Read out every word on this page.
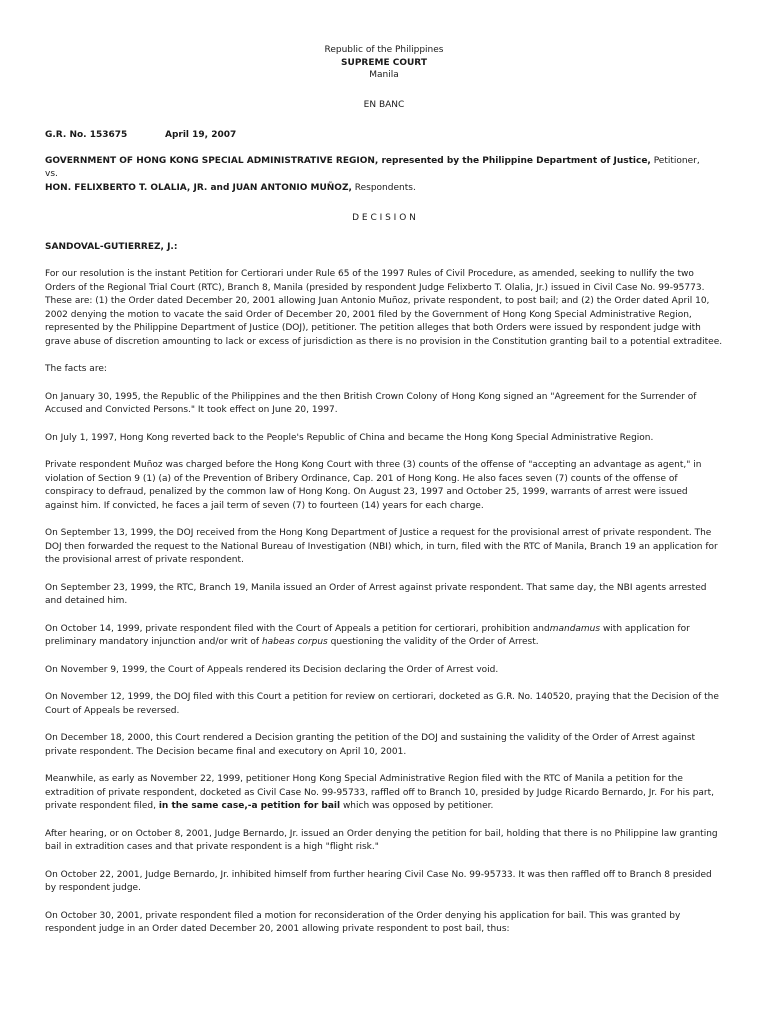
Republic of the Philippines
SUPREME COURT
Manila
EN BANC
G.R. No. 153675	April 19, 2007
GOVERNMENT OF HONG KONG SPECIAL ADMINISTRATIVE REGION, represented by the Philippine Department of Justice, Petitioner,
vs.
HON. FELIXBERTO T. OLALIA, JR. and JUAN ANTONIO MUÑOZ, Respondents.
D E C I S I O N
SANDOVAL-GUTIERREZ, J.:

For our resolution is the instant Petition for Certiorari under Rule 65 of the 1997 Rules of Civil Procedure, as amended, seeking to nullify the two Orders of the Regional Trial Court (RTC), Branch 8, Manila (presided by respondent Judge Felixberto T. Olalia, Jr.) issued in Civil Case No. 99-95773. These are: (1) the Order dated December 20, 2001 allowing Juan Antonio Muñoz, private respondent, to post bail; and (2) the Order dated April 10, 2002 denying the motion to vacate the said Order of December 20, 2001 filed by the Government of Hong Kong Special Administrative Region, represented by the Philippine Department of Justice (DOJ), petitioner. The petition alleges that both Orders were issued by respondent judge with grave abuse of discretion amounting to lack or excess of jurisdiction as there is no provision in the Constitution granting bail to a potential extraditee.

The facts are:

On January 30, 1995, the Republic of the Philippines and the then British Crown Colony of Hong Kong signed an "Agreement for the Surrender of Accused and Convicted Persons." It took effect on June 20, 1997.

On July 1, 1997, Hong Kong reverted back to the People's Republic of China and became the Hong Kong Special Administrative Region.

Private respondent Muñoz was charged before the Hong Kong Court with three (3) counts of the offense of "accepting an advantage as agent," in violation of Section 9 (1) (a) of the Prevention of Bribery Ordinance, Cap. 201 of Hong Kong. He also faces seven (7) counts of the offense of conspiracy to defraud, penalized by the common law of Hong Kong. On August 23, 1997 and October 25, 1999, warrants of arrest were issued against him. If convicted, he faces a jail term of seven (7) to fourteen (14) years for each charge.

On September 13, 1999, the DOJ received from the Hong Kong Department of Justice a request for the provisional arrest of private respondent. The DOJ then forwarded the request to the National Bureau of Investigation (NBI) which, in turn, filed with the RTC of Manila, Branch 19 an application for the provisional arrest of private respondent.

On September 23, 1999, the RTC, Branch 19, Manila issued an Order of Arrest against private respondent. That same day, the NBI agents arrested and detained him.

On October 14, 1999, private respondent filed with the Court of Appeals a petition for certiorari, prohibition andmandamus with application for preliminary mandatory injunction and/or writ of habeas corpus questioning the validity of the Order of Arrest.

On November 9, 1999, the Court of Appeals rendered its Decision declaring the Order of Arrest void.

On November 12, 1999, the DOJ filed with this Court a petition for review on certiorari, docketed as G.R. No. 140520, praying that the Decision of the Court of Appeals be reversed.

On December 18, 2000, this Court rendered a Decision granting the petition of the DOJ and sustaining the validity of the Order of Arrest against private respondent. The Decision became final and executory on April 10, 2001.

Meanwhile, as early as November 22, 1999, petitioner Hong Kong Special Administrative Region filed with the RTC of Manila a petition for the extradition of private respondent, docketed as Civil Case No. 99-95733, raffled off to Branch 10, presided by Judge Ricardo Bernardo, Jr. For his part, private respondent filed, in the same case,-a petition for bail which was opposed by petitioner.

After hearing, or on October 8, 2001, Judge Bernardo, Jr. issued an Order denying the petition for bail, holding that there is no Philippine law granting bail in extradition cases and that private respondent is a high "flight risk."

On October 22, 2001, Judge Bernardo, Jr. inhibited himself from further hearing Civil Case No. 99-95733. It was then raffled off to Branch 8 presided by respondent judge.

On October 30, 2001, private respondent filed a motion for reconsideration of the Order denying his application for bail. This was granted by respondent judge in an Order dated December 20, 2001 allowing private respondent to post bail, thus:
